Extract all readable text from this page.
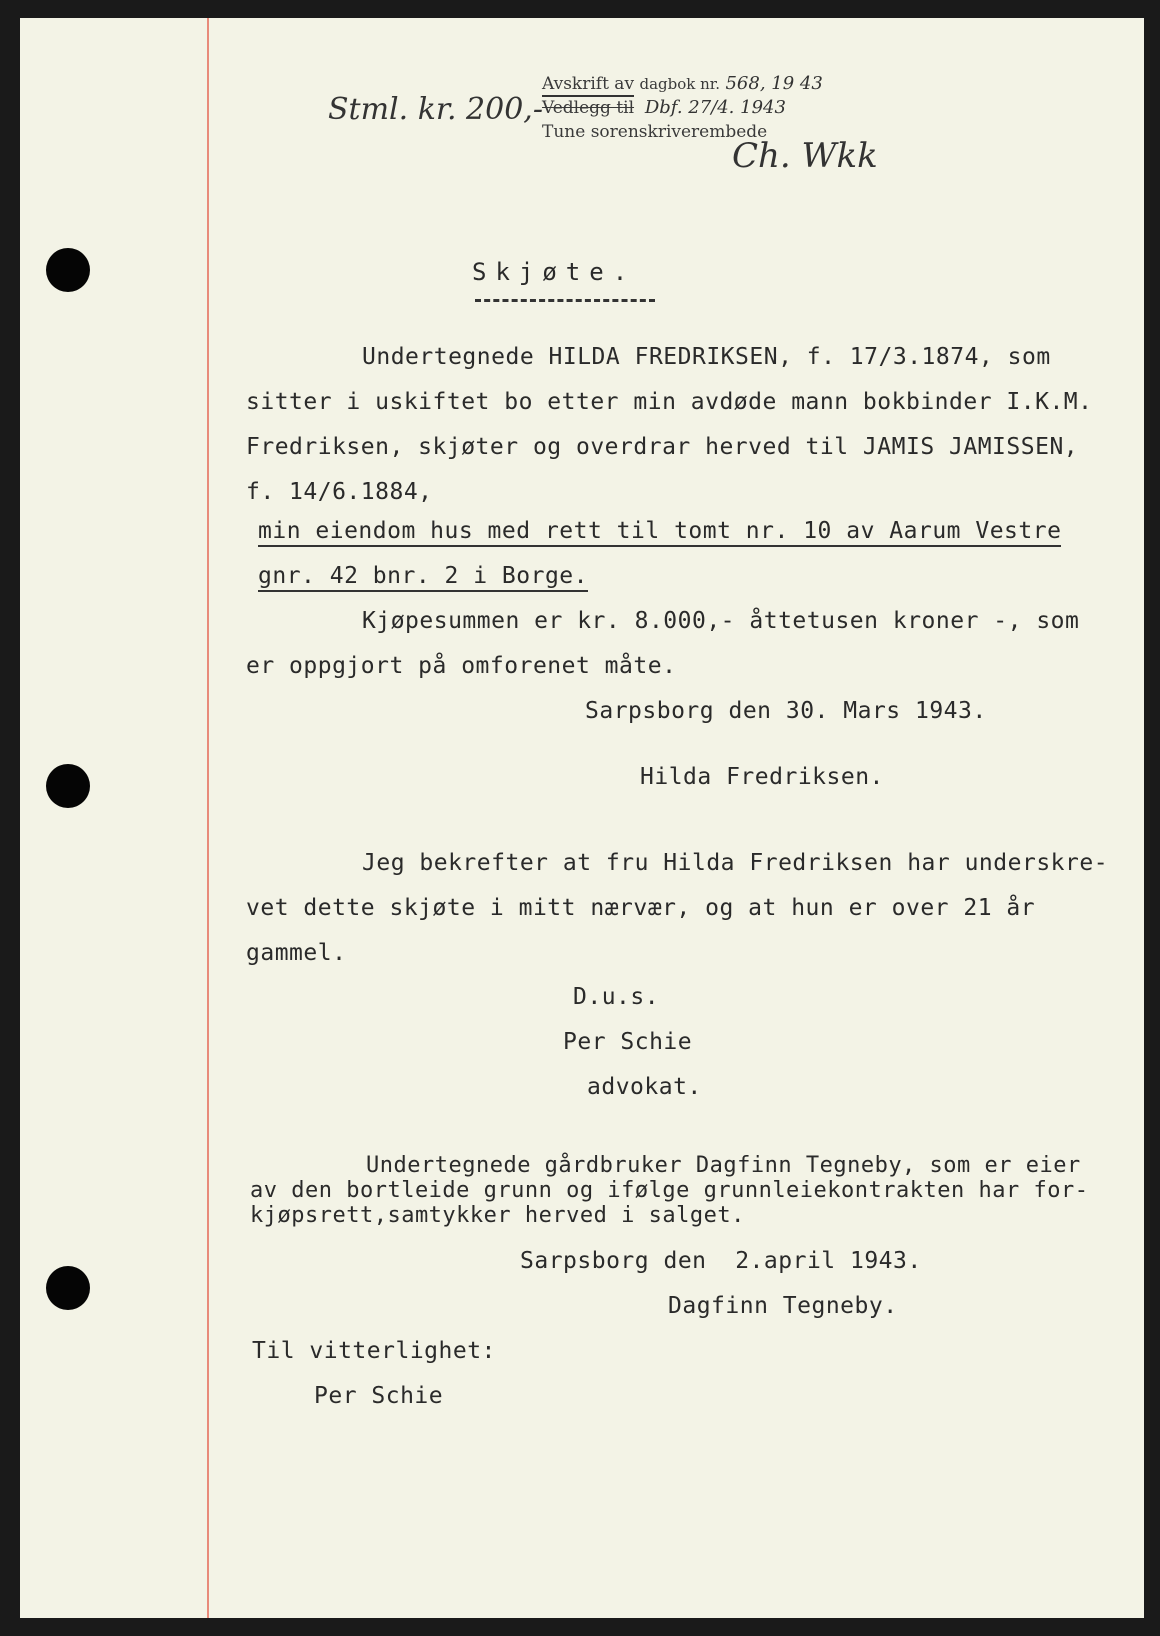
Stml. kr. 200,-
Avskrift av dagbok nr. 568, 19 43
Vedlegg til Dbf. 27/4. 1943
Tune sorenskriverembede
Ch. Wkk
Skjøte.
Undertegnede HILDA FREDRIKSEN, f. 17/3.1874, som
sitter i uskiftet bo etter min avdøde mann bokbinder I.K.M.
Fredriksen, skjøter og overdrar herved til JAMIS JAMISSEN,
f. 14/6.1884,
min eiendom hus med rett til tomt nr. 10 av Aarum Vestre
gnr. 42 bnr. 2 i Borge.
Kjøpesummen er kr. 8.000,- åttetusen kroner -, som
er oppgjort på omforenet måte.
Sarpsborg den 30. Mars 1943.
Hilda Fredriksen.
Jeg bekrefter at fru Hilda Fredriksen har underskre-
vet dette skjøte i mitt nærvær, og at hun er over 21 år
gammel.
D.u.s.
Per Schie
advokat.
Undertegnede gårdbruker Dagfinn Tegneby, som er eier
av den bortleide grunn og ifølge grunnleiekontrakten har for-
kjøpsrett,samtykker herved i salget.
Sarpsborg den  2.april 1943.
Dagfinn Tegneby.
Til vitterlighet:
Per Schie
